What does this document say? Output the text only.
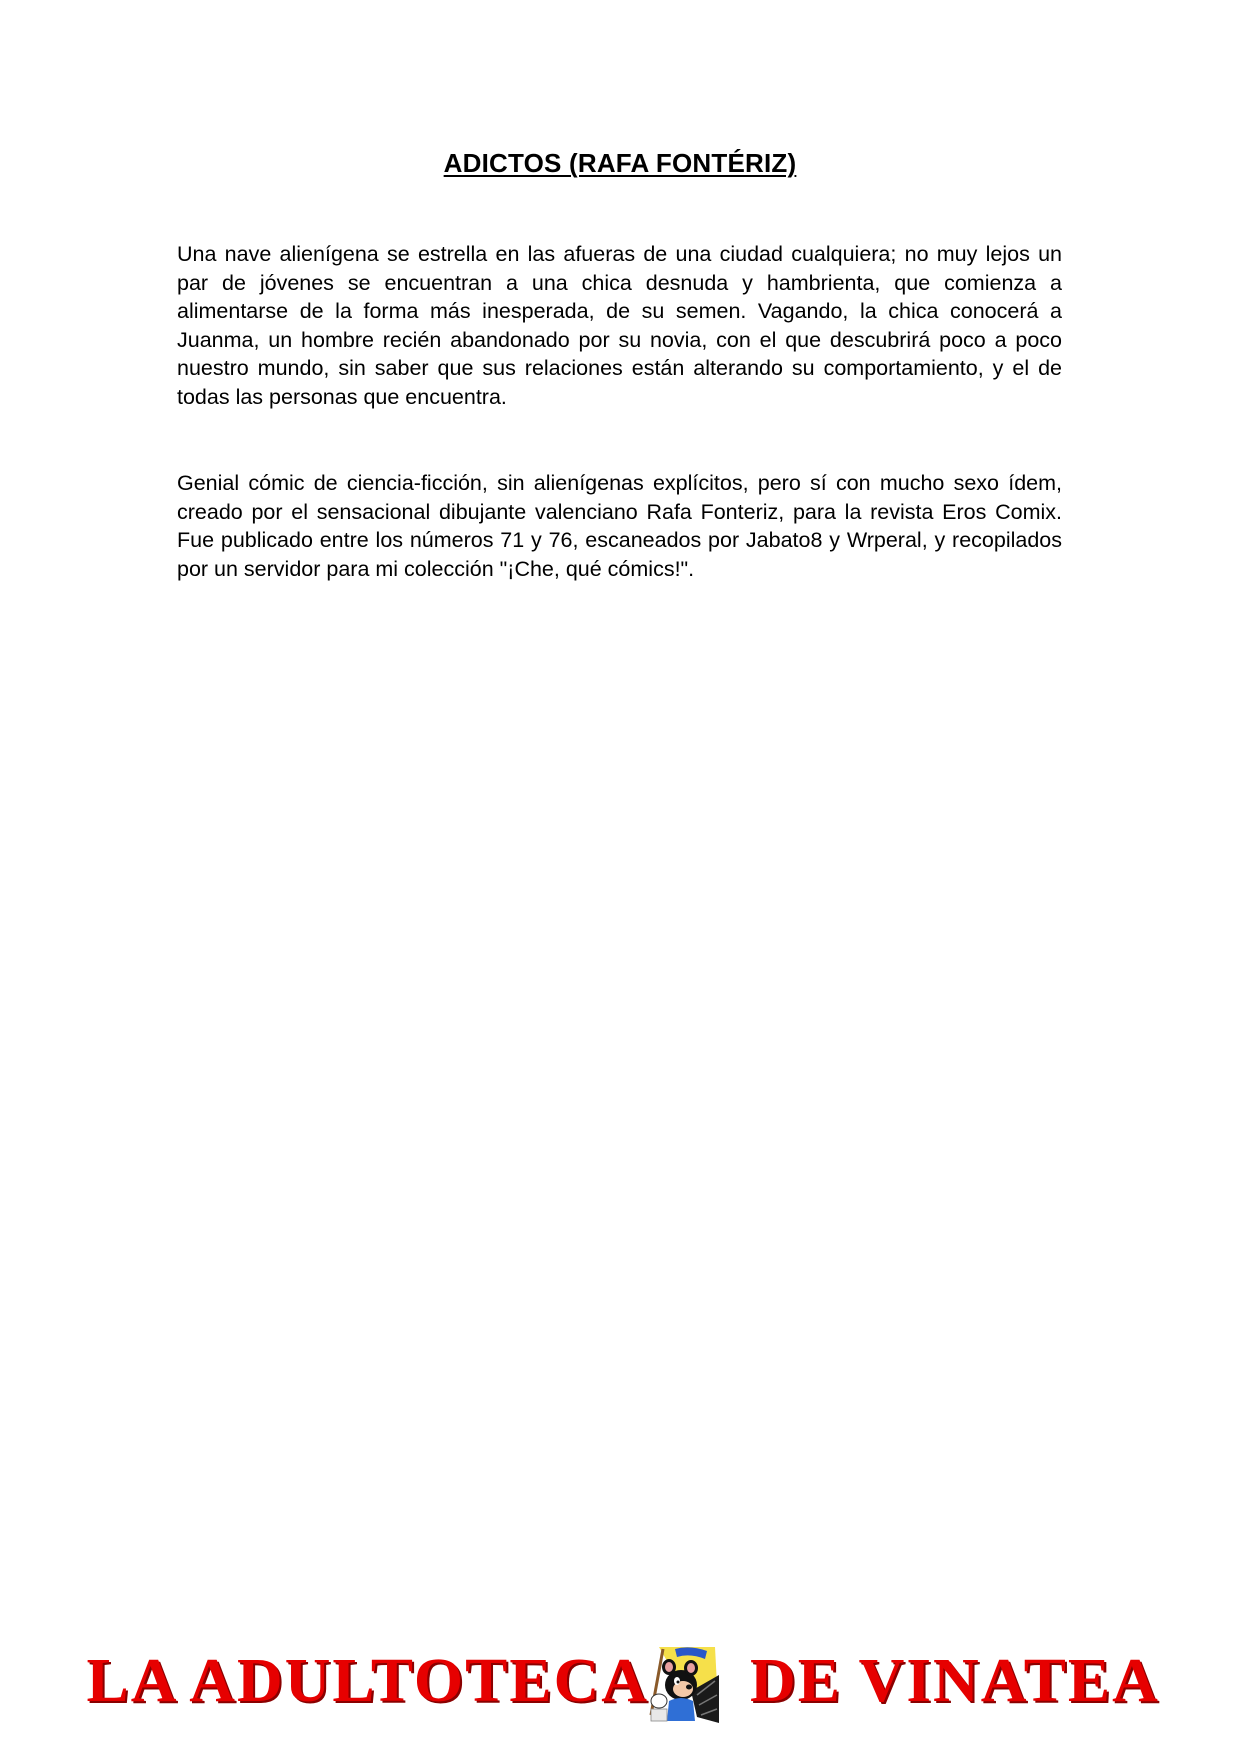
ADICTOS (RAFA FONTÉRIZ)
Una nave alienígena se estrella en las afueras de una ciudad cualquiera; no muy lejos un par de jóvenes se encuentran a una chica desnuda y hambrienta, que comienza a alimentarse de la forma más inesperada, de su semen. Vagando, la chica conocerá a Juanma, un hombre recién abandonado por su novia, con el que descubrirá poco a poco nuestro mundo, sin saber que sus relaciones están alterando su comportamiento, y el de todas las personas que encuentra.
Genial cómic de ciencia-ficción, sin alienígenas explícitos, pero sí con mucho sexo ídem, creado por el sensacional dibujante valenciano Rafa Fonteriz, para la revista Eros Comix. Fue publicado entre los números 71 y 76, escaneados por Jabato8 y Wrperal, y recopilados por un servidor para mi colección "¡Che, qué cómics!".
LA ADULTOTECA DE VINATEA
